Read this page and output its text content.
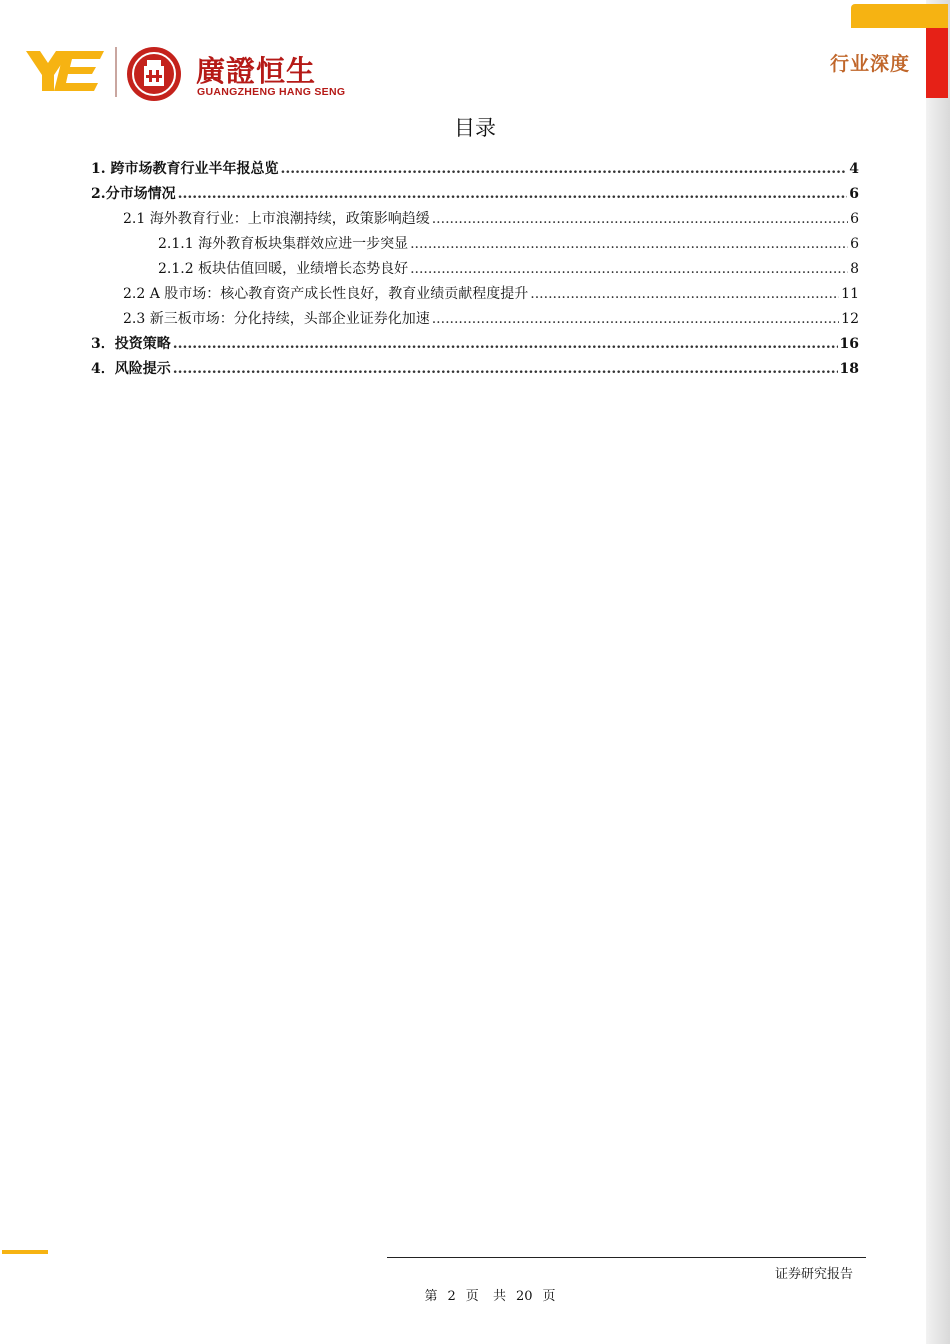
廣證恒生
GUANGZHENG HANG SENG
行业深度
目录
1. 跨市场教育行业半年报总览 .....	4
2.分市场情况 .....	6
2.1 海外教育行业：上市浪潮持续，政策影响趋缓 .....	6
2.1.1 海外教育板块集群效应进一步突显 .....	6
2.1.2 板块估值回暖，业绩增长态势良好 .....	8
2.2 A 股市场：核心教育资产成长性良好，教育业绩贡献程度提升 .....	11
2.3 新三板市场：分化持续，头部企业证券化加速 .....	12
3．投资策略 .....	16
4．风险提示 .....	18
证券研究报告
第 2 页 共 20 页
